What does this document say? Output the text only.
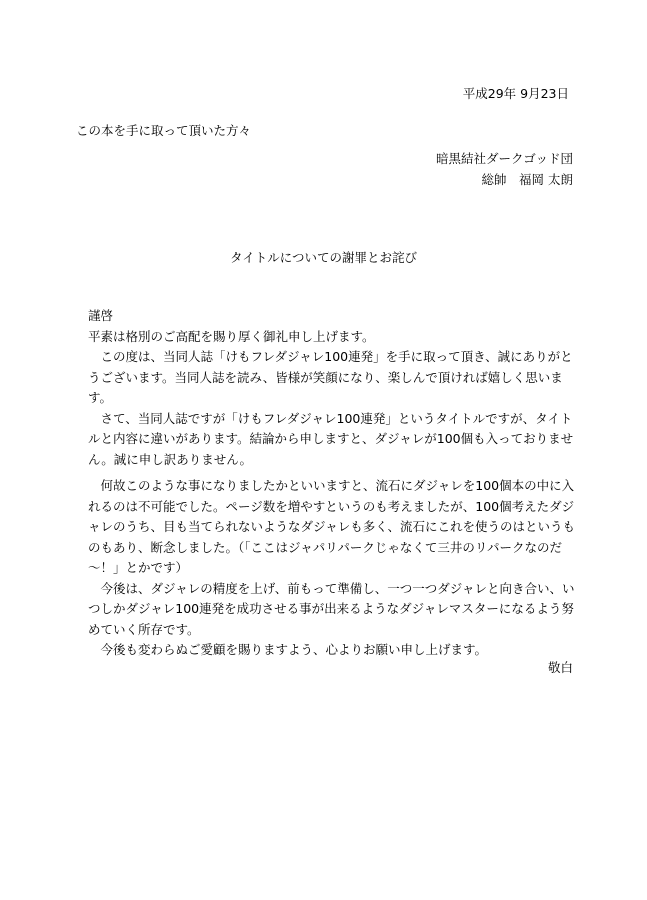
平成29年 9月23日

この本を手に取って頂いた方々

暗黒結社ダークゴッド団

総帥　福岡 太朗

タイトルについての謝罪とお詫び

謹啓

平素は格別のご高配を賜り厚く御礼申し上げます。

　この度は、当同人誌「けもフレダジャレ100連発」を手に取って頂き、誠にありがとうございます。当同人誌を読み、皆様が笑顔になり、楽しんで頂ければ嬉しく思います。

　さて、当同人誌ですが「けもフレダジャレ100連発」というタイトルですが、タイトルと内容に違いがあります。結論から申しますと、ダジャレが100個も入っておりません。誠に申し訳ありません。

　何故このような事になりましたかといいますと、流石にダジャレを100個本の中に入れるのは不可能でした。ページ数を増やすというのも考えましたが、100個考えたダジャレのうち、目も当てられないようなダジャレも多く、流石にこれを使うのはというものもあり、断念しました。（「ここはジャパリパークじゃなくて三井のリパークなのだ～！」とかです）

　今後は、ダジャレの精度を上げ、前もって準備し、一つ一つダジャレと向き合い、いつしかダジャレ100連発を成功させる事が出来るようなダジャレマスターになるよう努めていく所存です。

　今後も変わらぬご愛顧を賜りますよう、心よりお願い申し上げます。

敬白
